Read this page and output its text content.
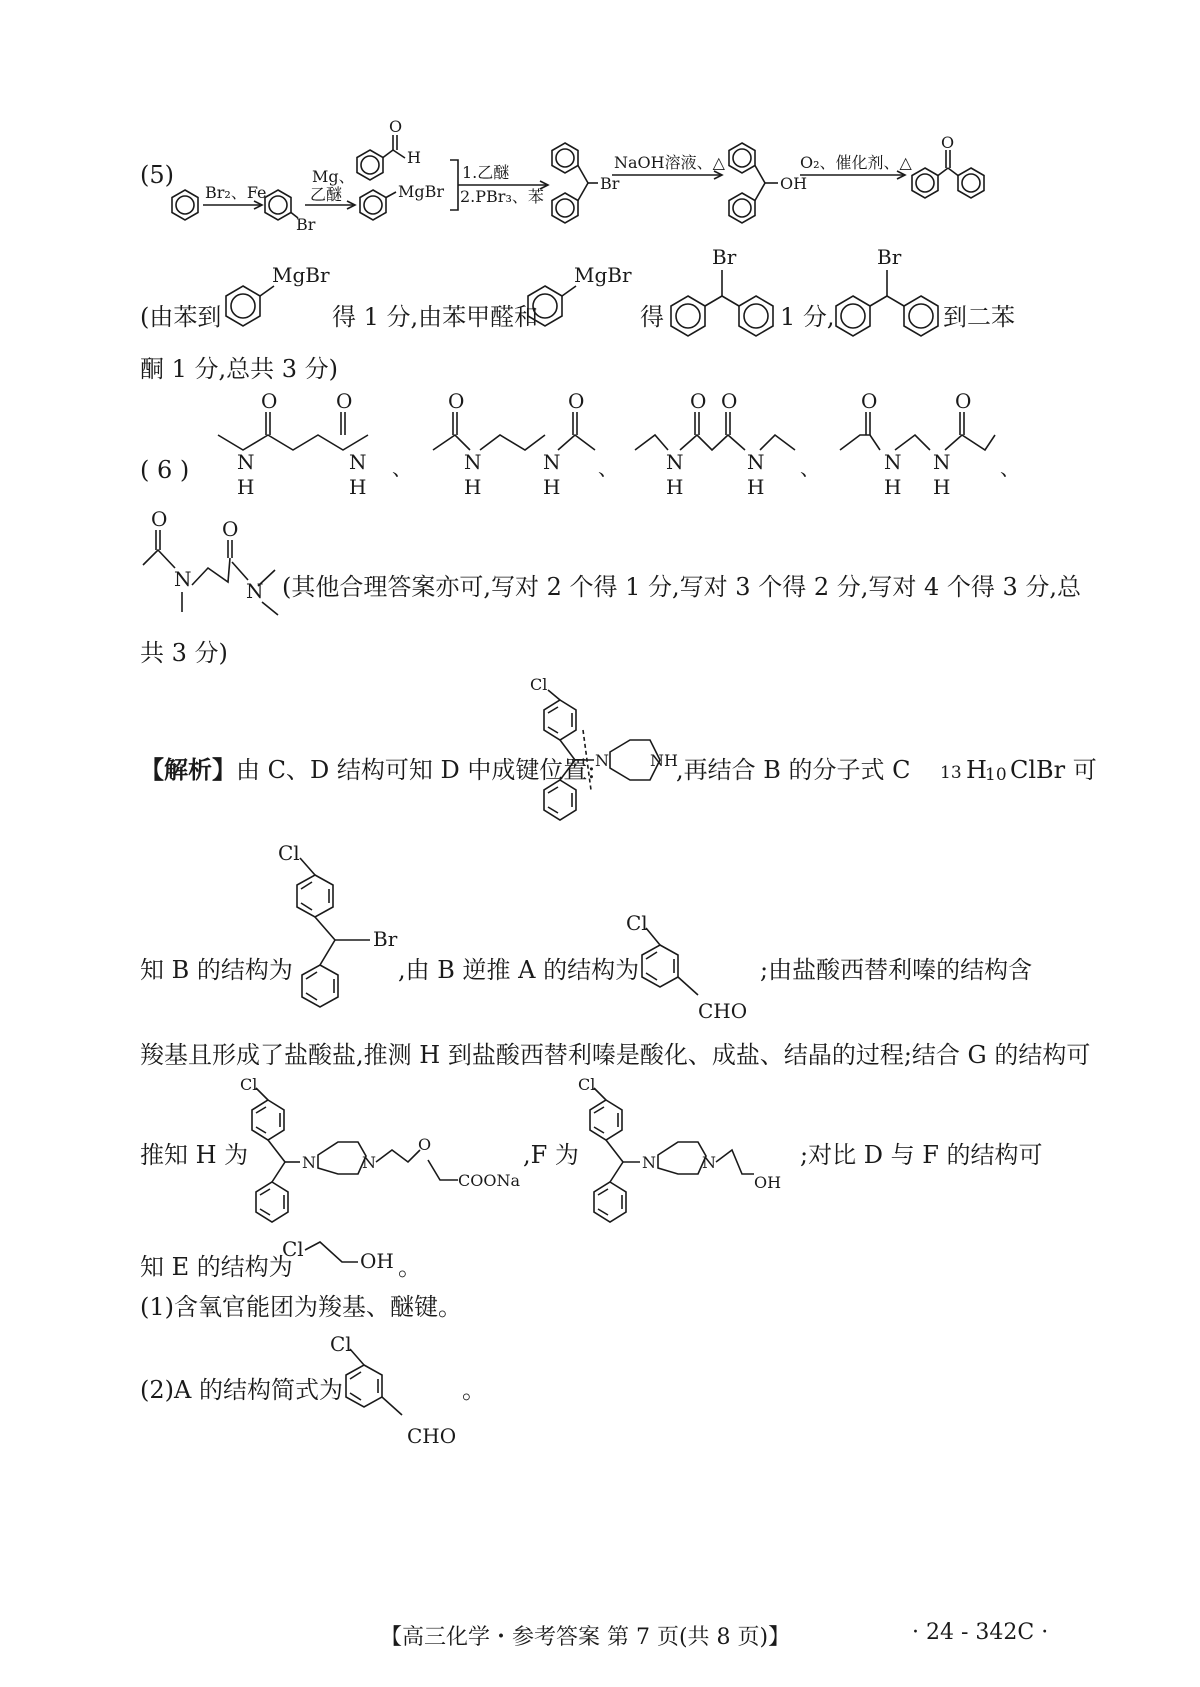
(5)
Br₂、Fe
Br
Mg、
乙醚	MgBr
O
H
1.乙醚
2.PBr₃、苯
Br
NaOH溶液、△
OH
O₂、催化剂、△
O
(由苯到
MgBr	MgBr
Br	Br
得 1 分,由苯甲醛和	得	1 分,	到二苯
酮 1 分,总共 3 分)
( 6 )
O	O
N
H
N
H
、
O	O
N
H
N
H
、
O O
N
H
N
H
、
O	O
N
H
N
H
、
O
N
O
N (其他合理答案亦可,写对 2 个得 1 分,写对 3 个得 2 分,写对 4 个得 3 分,总
共 3 分)
【解析】 由 C、D 结构可知 D 中成键位置:
Cl
N	NH
,再结合 B 的分子式 C 13 H
10 ClBr 可
Cl
Br
知 B 的结构为	,由 B 逆推 A 的结构为
Cl
CHO
;由盐酸西替利嗪的结构含
羧基且形成了盐酸盐,推测 H 到盐酸西替利嗪是酸化、成盐、结晶的过程;结合 G 的结构可
推知 H 为
Cl
N	N
O
COONa
Cl
N	N
OH
,F 为	;对比 D 与 F 的结构可
知 E 的结构为
Cl	OH 。
(1)含氧官能团为羧基、醚键。
(2)A 的结构简式为
Cl
CHO
。
【高三化学・参考答案 第 7 页(共 8 页)】	· 24 - 342C ·
